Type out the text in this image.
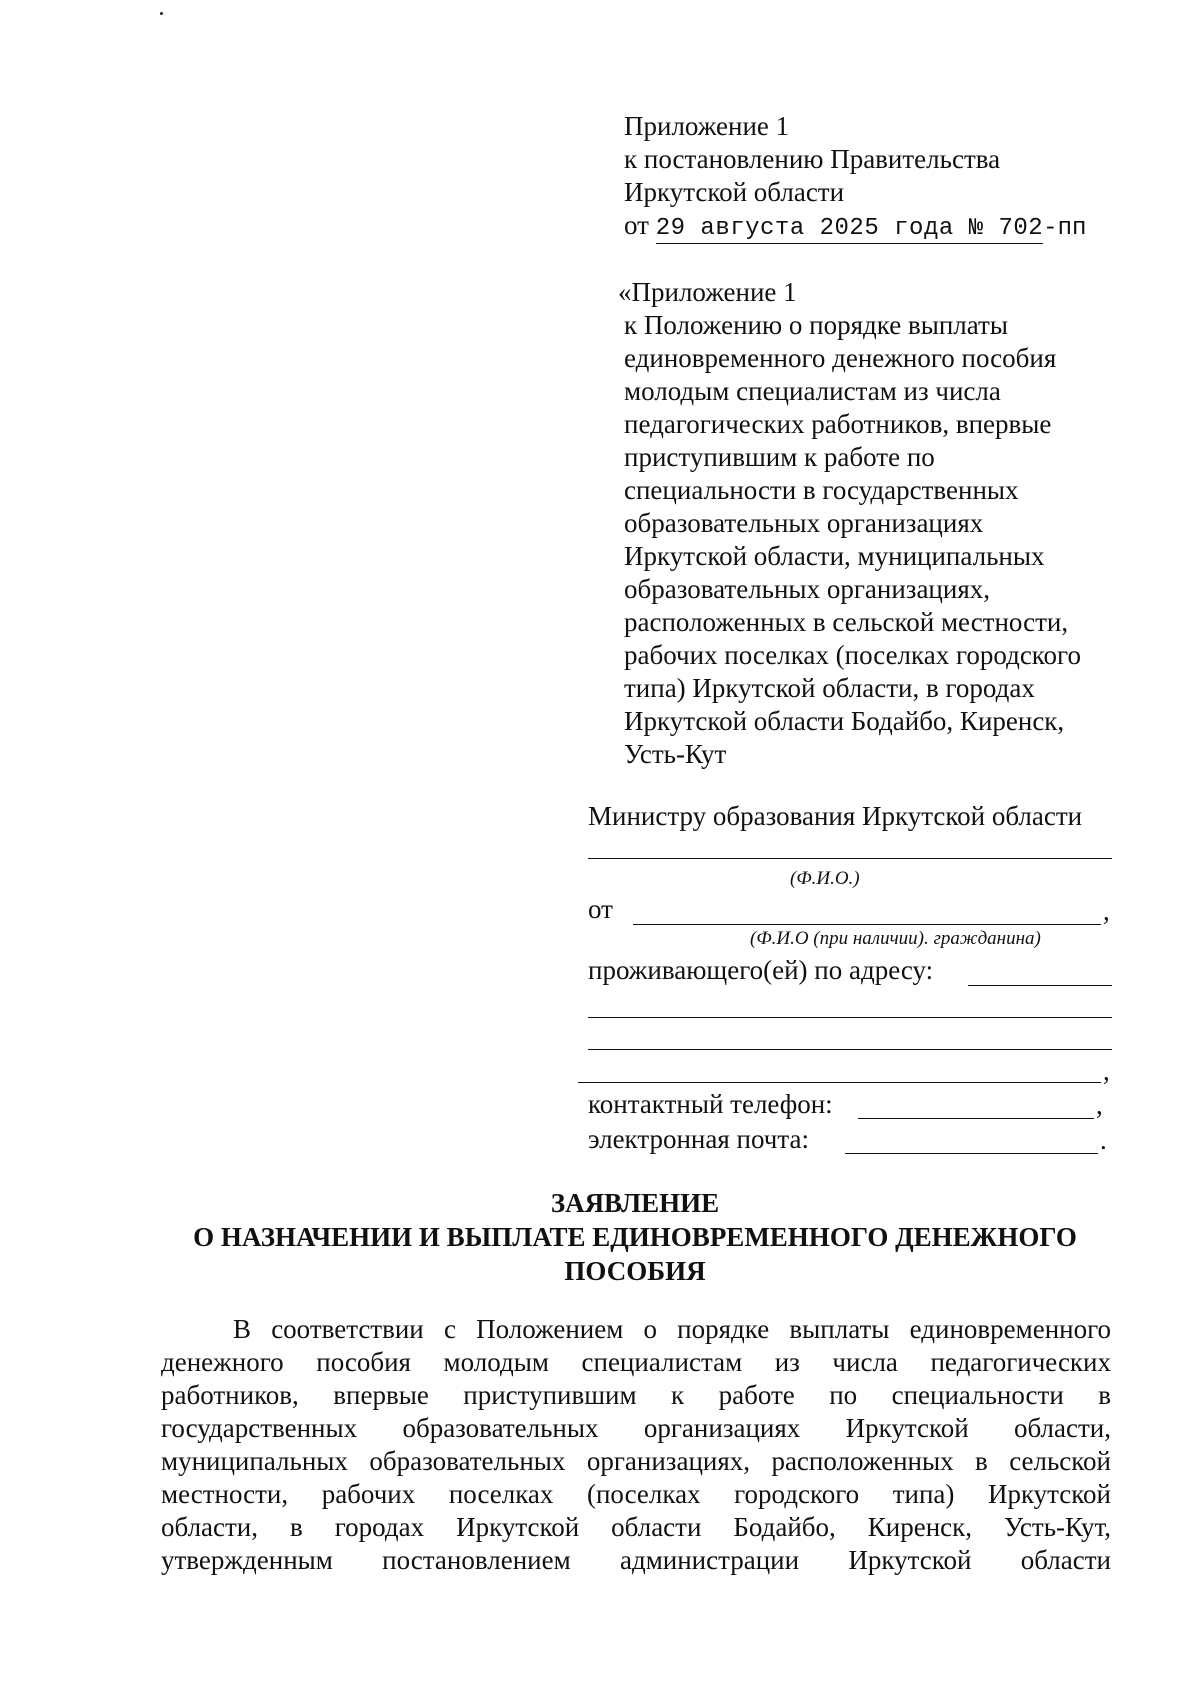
Приложение 1
к постановлению Правительства
Иркутской области
от 29 августа 2025 года № 702-пп
«Приложение 1
к Положению о порядке выплаты
единовременного денежного пособия
молодым специалистам из числа
педагогических работников, впервые
приступившим к работе по
специальности в государственных
образовательных организациях
Иркутской области, муниципальных
образовательных организациях,
расположенных в сельской местности,
рабочих поселках (поселках городского
типа) Иркутской области, в городах
Иркутской области Бодайбо, Киренск,
Усть-Кут
Министру образования Иркутской области
(Ф.И.О.)
от	,
(Ф.И.О (при наличии). гражданина)
проживающего(ей) по адресу:
,
контактный телефон:	,
электронная почта:	.
ЗАЯВЛЕНИЕ
О НАЗНАЧЕНИИ И ВЫПЛАТЕ ЕДИНОВРЕМЕННОГО ДЕНЕЖНОГО
ПОСОБИЯ
В соответствии с Положением о порядке выплаты единовременного
денежного пособия молодым специалистам из числа педагогических
работников, впервые приступившим к работе по специальности в
государственных образовательных организациях Иркутской области,
муниципальных образовательных организациях, расположенных в сельской
местности, рабочих поселках (поселках городского типа) Иркутской
области, в городах Иркутской области Бодайбо, Киренск, Усть-Кут,
утвержденным постановлением администрации Иркутской области
